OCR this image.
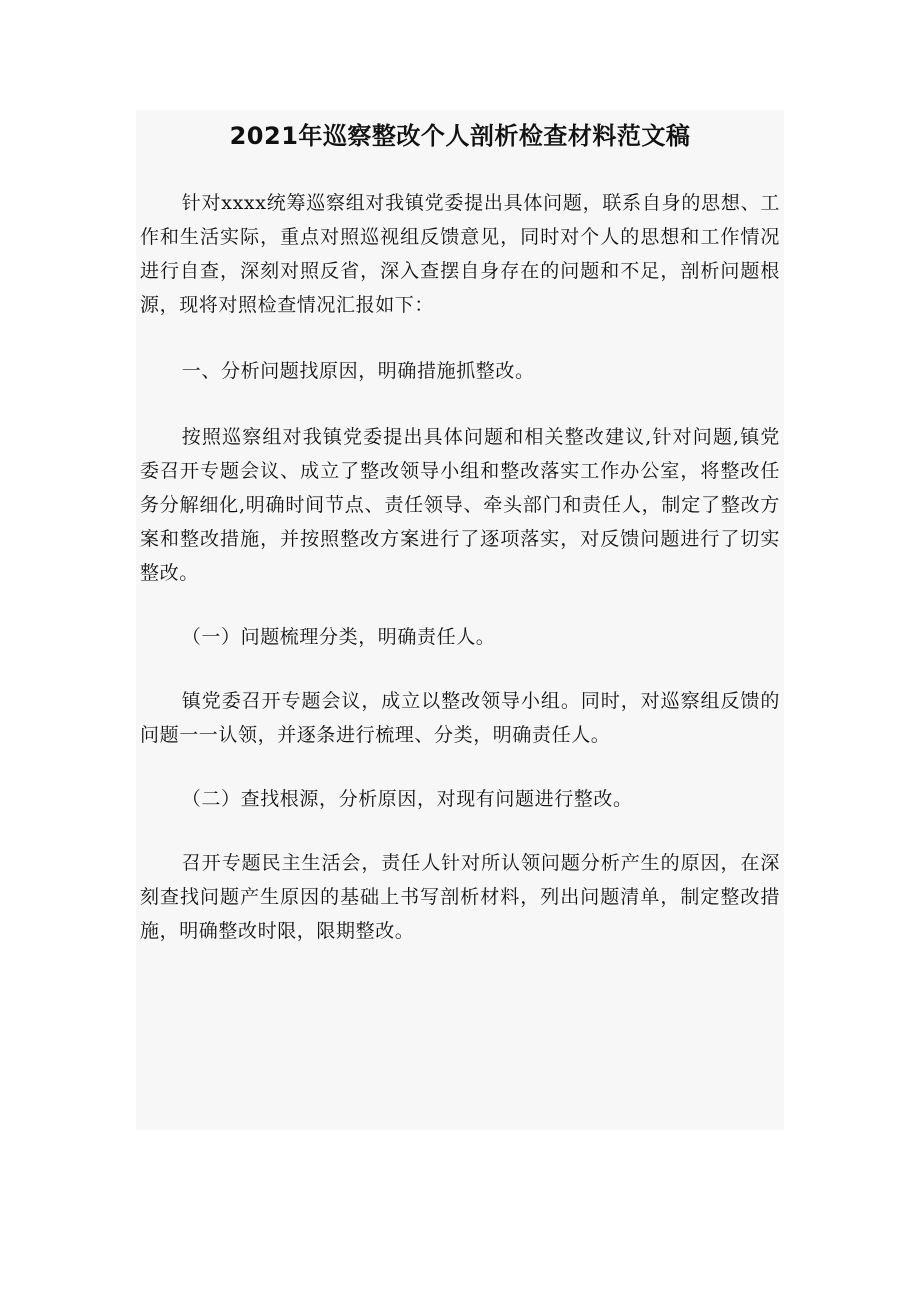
2021年巡察整改个人剖析检查材料范文稿

针对xxxx统筹巡察组对我镇党委提出具体问题，联系自身的思想、工作和生活实际，重点对照巡视组反馈意见，同时对个人的思想和工作情况进行自查，深刻对照反省，深入查摆自身存在的问题和不足，剖析问题根源，现将对照检查情况汇报如下：

一、分析问题找原因，明确措施抓整改。

按照巡察组对我镇党委提出具体问题和相关整改建议,针对问题,镇党委召开专题会议、成立了整改领导小组和整改落实工作办公室，将整改任务分解细化,明确时间节点、责任领导、牵头部门和责任人，制定了整改方案和整改措施，并按照整改方案进行了逐项落实，对反馈问题进行了切实整改。

（一）问题梳理分类，明确责任人。

镇党委召开专题会议，成立以整改领导小组。同时，对巡察组反馈的问题一一认领，并逐条进行梳理、分类，明确责任人。

（二）查找根源，分析原因，对现有问题进行整改。

召开专题民主生活会，责任人针对所认领问题分析产生的原因，在深刻查找问题产生原因的基础上书写剖析材料，列出问题清单，制定整改措施，明确整改时限，限期整改。
